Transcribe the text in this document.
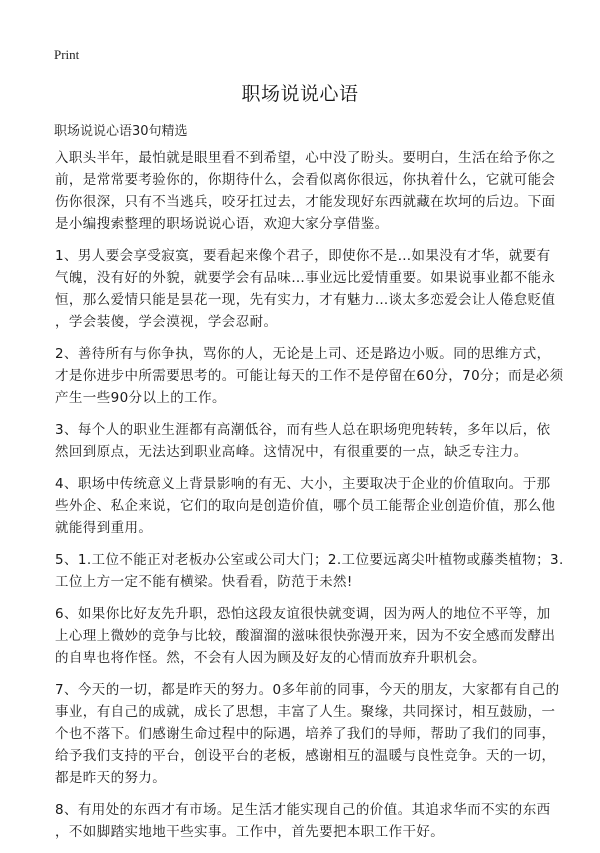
Print
职场说说心语
职场说说心语30句精选
入职头半年，最怕就是眼里看不到希望，心中没了盼头。要明白，生活在给予你之
前，是常常要考验你的，你期待什么，会看似离你很远，你执着什么，它就可能会
伤你很深，只有不当逃兵，咬牙扛过去，才能发现好东西就藏在坎坷的后边。下面
是小编搜索整理的职场说说心语，欢迎大家分享借鉴。
1、男人要会享受寂寞，要看起来像个君子，即使你不是…如果没有才华，就要有
气魄，没有好的外貌，就要学会有品味…事业远比爱情重要。如果说事业都不能永
恒，那么爱情只能是昙花一现，先有实力，才有魅力…谈太多恋爱会让人倦怠贬值
，学会装傻，学会漠视，学会忍耐。
2、善待所有与你争执，骂你的人，无论是上司、还是路边小贩。同的思维方式，
才是你进步中所需要思考的。可能让每天的工作不是停留在60分，70分；而是必须
产生一些90分以上的工作。
3、每个人的职业生涯都有高潮低谷，而有些人总在职场兜兜转转，多年以后，依
然回到原点，无法达到职业高峰。这情况中，有很重要的一点，缺乏专注力。
4、职场中传统意义上背景影响的有无、大小，主要取决于企业的价值取向。于那
些外企、私企来说，它们的取向是创造价值，哪个员工能帮企业创造价值，那么他
就能得到重用。
5、1.工位不能正对老板办公室或公司大门；2.工位要远离尖叶植物或藤类植物；3.
工位上方一定不能有横梁。快看看，防范于未然!
6、如果你比好友先升职，恐怕这段友谊很快就变调，因为两人的地位不平等，加
上心理上微妙的竞争与比较，酸溜溜的滋味很快弥漫开来，因为不安全感而发酵出
的自卑也将作怪。然，不会有人因为顾及好友的心情而放弃升职机会。
7、今天的一切，都是昨天的努力。0多年前的同事，今天的朋友，大家都有自己的
事业，有自己的成就，成长了思想，丰富了人生。聚缘，共同探讨，相互鼓励，一
个也不落下。们感谢生命过程中的际遇，培养了我们的导师，帮助了我们的同事，
给予我们支持的平台，创设平台的老板，感谢相互的温暖与良性竞争。天的一切，
都是昨天的努力。
8、有用处的东西才有市场。足生活才能实现自己的价值。其追求华而不实的东西
，不如脚踏实地地干些实事。工作中，首先要把本职工作干好。
